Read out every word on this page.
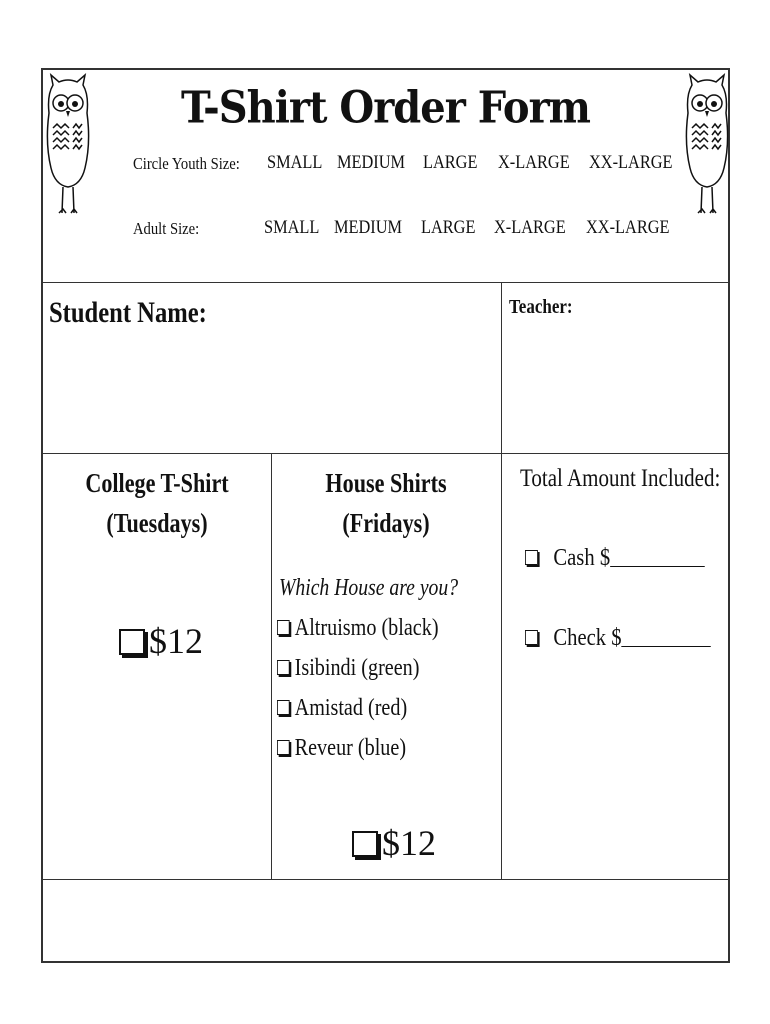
T-Shirt Order Form
Circle Youth Size: SMALL MEDIUM LARGE X-LARGE XX-LARGE
Adult Size:	SMALL MEDIUM LARGE X-LARGE XX-LARGE
Student Name:	Teacher:
College T-Shirt
(Tuesdays)
$12
House Shirts
(Fridays)
Which House are you?
Altruismo (black)
Isibindi (green)
Amistad (red)
Reveur (blue)
$12
Total Amount Included:
Cash $
Check $
